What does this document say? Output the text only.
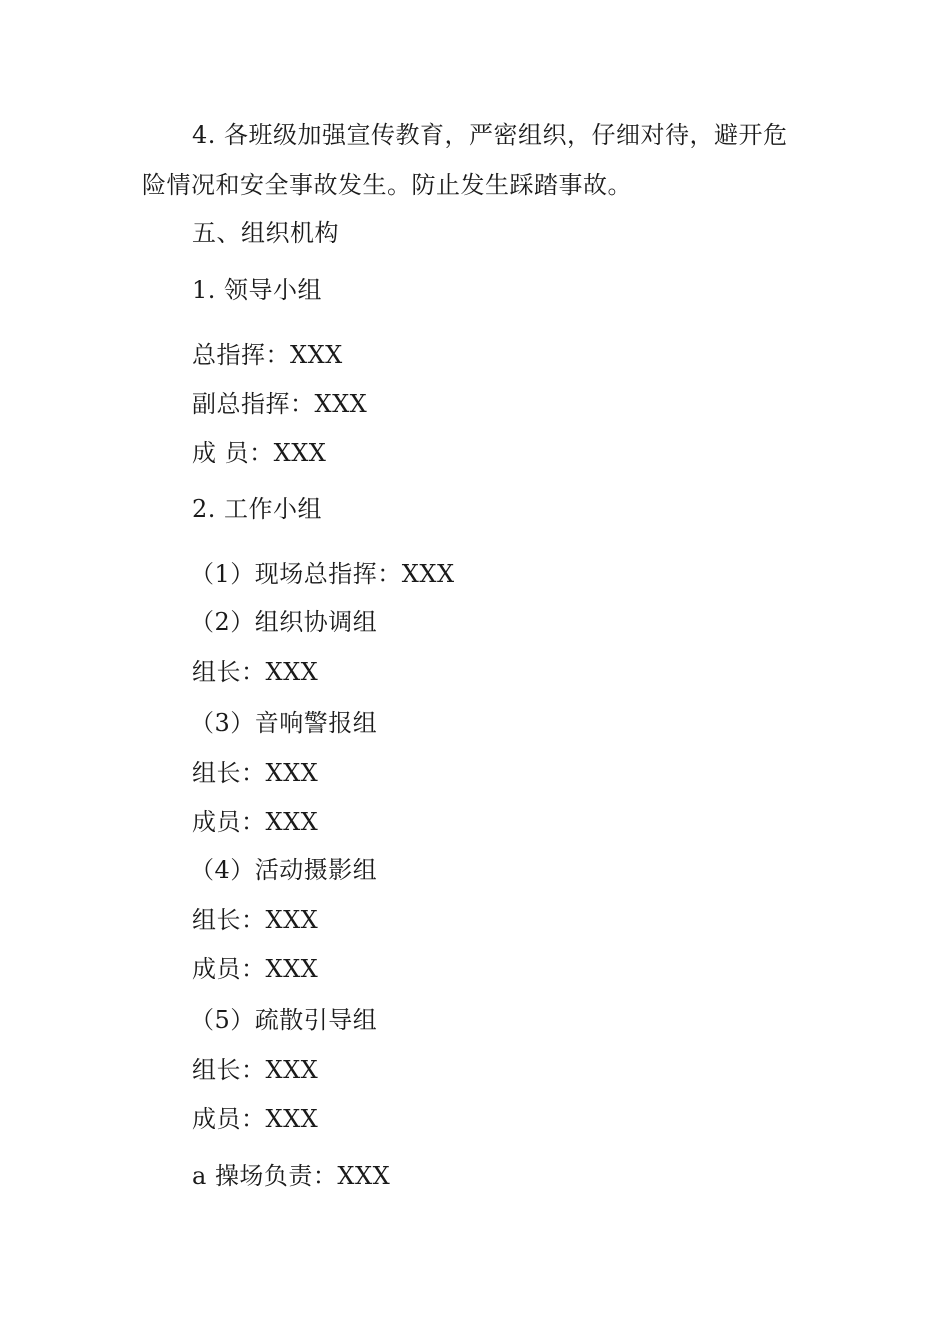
4. 各班级加强宣传教育，严密组织，仔细对待，避开危
险情况和安全事故发生。防止发生踩踏事故。
五、组织机构
1. 领导小组
总指挥：XXX
副总指挥：XXX
成 员：XXX
2. 工作小组
（1）现场总指挥：XXX
（2）组织协调组
组长：XXX
（3）音响警报组
组长：XXX
成员：XXX
（4）活动摄影组
组长：XXX
成员：XXX
（5）疏散引导组
组长：XXX
成员：XXX
a 操场负责：XXX
